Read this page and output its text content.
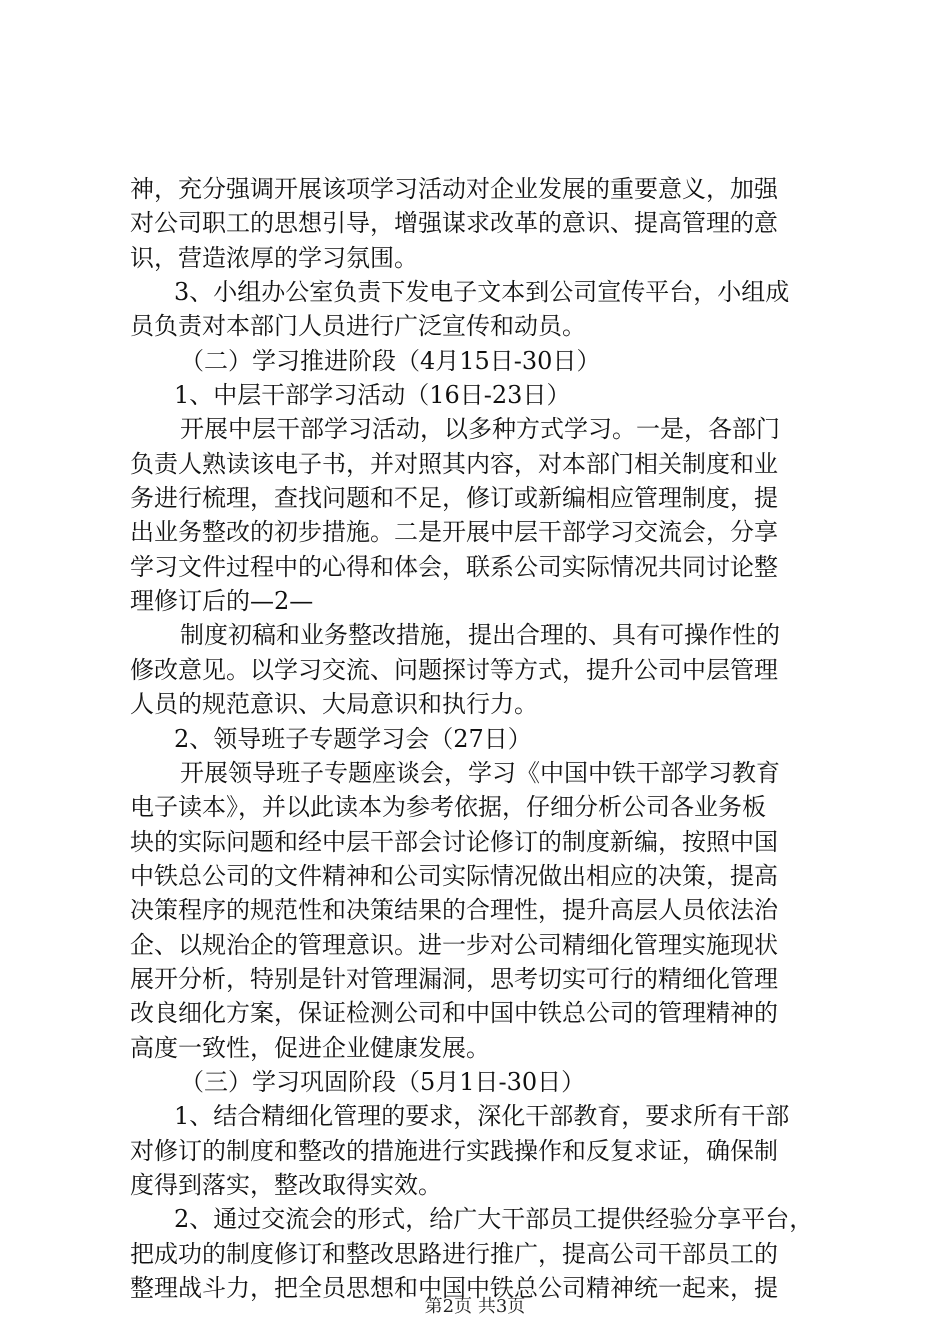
神，充分强调开展该项学习活动对企业发展的重要意义，加强
对公司职工的思想引导，增强谋求改革的意识、提高管理的意
识，营造浓厚的学习氛围。
3、小组办公室负责下发电子文本到公司宣传平台，小组成
员负责对本部门人员进行广泛宣传和动员。
（二）学习推进阶段（4月15日-30日）
1、中层干部学习活动（16日-23日）
开展中层干部学习活动，以多种方式学习。一是，各部门
负责人熟读该电子书，并对照其内容，对本部门相关制度和业
务进行梳理，查找问题和不足，修订或新编相应管理制度，提
出业务整改的初步措施。二是开展中层干部学习交流会，分享
学习文件过程中的心得和体会，联系公司实际情况共同讨论整
理修订后的—2—
制度初稿和业务整改措施，提出合理的、具有可操作性的
修改意见。以学习交流、问题探讨等方式，提升公司中层管理
人员的规范意识、大局意识和执行力。
2、领导班子专题学习会（27日）
开展领导班子专题座谈会，学习《中国中铁干部学习教育
电子读本》，并以此读本为参考依据，仔细分析公司各业务板
块的实际问题和经中层干部会讨论修订的制度新编，按照中国
中铁总公司的文件精神和公司实际情况做出相应的决策，提高
决策程序的规范性和决策结果的合理性，提升高层人员依法治
企、以规治企的管理意识。进一步对公司精细化管理实施现状
展开分析，特别是针对管理漏洞，思考切实可行的精细化管理
改良细化方案，保证检测公司和中国中铁总公司的管理精神的
高度一致性，促进企业健康发展。
（三）学习巩固阶段（5月1日-30日）
1、结合精细化管理的要求，深化干部教育，要求所有干部
对修订的制度和整改的措施进行实践操作和反复求证，确保制
度得到落实，整改取得实效。
2、通过交流会的形式，给广大干部员工提供经验分享平台，
把成功的制度修订和整改思路进行推广，提高公司干部员工的
整理战斗力，把全员思想和中国中铁总公司精神统一起来，提
第2页 共3页
